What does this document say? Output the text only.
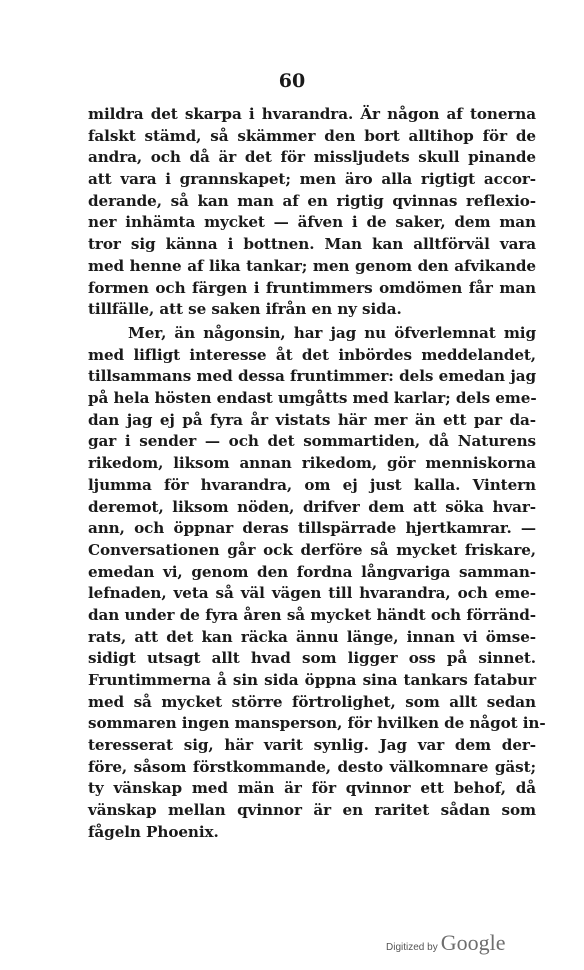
60
mildra det skarpa i hvarandra. Är någon af tonerna
falskt stämd, så skämmer den bort alltihop för de
andra, och då är det för missljudets skull pinande
att vara i grannskapet; men äro alla rigtigt accor-
derande, så kan man af en rigtig qvinnas reflexio-
ner inhämta mycket — äfven i de saker, dem man
tror sig känna i bottnen. Man kan alltförväl vara
med henne af lika tankar; men genom den afvikande
formen och färgen i fruntimmers omdömen får man
tillfälle, att se saken ifrån en ny sida.
Mer, än någonsin, har jag nu öfverlemnat mig
med lifligt interesse åt det inbördes meddelandet,
tillsammans med dessa fruntimmer: dels emedan jag
på hela hösten endast umgåtts med karlar; dels eme-
dan jag ej på fyra år vistats här mer än ett par da-
gar i sender — och det sommartiden, då Naturens
rikedom, liksom annan rikedom, gör menniskorna
ljumma för hvarandra, om ej just kalla. Vintern
deremot, liksom nöden, drifver dem att söka hvar-
ann, och öppnar deras tillspärrade hjertkamrar. —
Conversationen går ock derföre så mycket friskare,
emedan vi, genom den fordna långvariga samman-
lefnaden, veta så väl vägen till hvarandra, och eme-
dan under de fyra åren så mycket händt och förränd-
rats, att det kan räcka ännu länge, innan vi ömse-
sidigt utsagt allt hvad som ligger oss på sinnet.
Fruntimmerna å sin sida öppna sina tankars fatabur
med så mycket större förtrolighet, som allt sedan
sommaren ingen mansperson, för hvilken de något in-
teresserat sig, här varit synlig. Jag var dem der-
före, såsom förstkommande, desto välkomnare gäst;
ty vänskap med män är för qvinnor ett behof, då
vänskap mellan qvinnor är en raritet sådan som
fågeln Phoenix.
Digitized by Google
